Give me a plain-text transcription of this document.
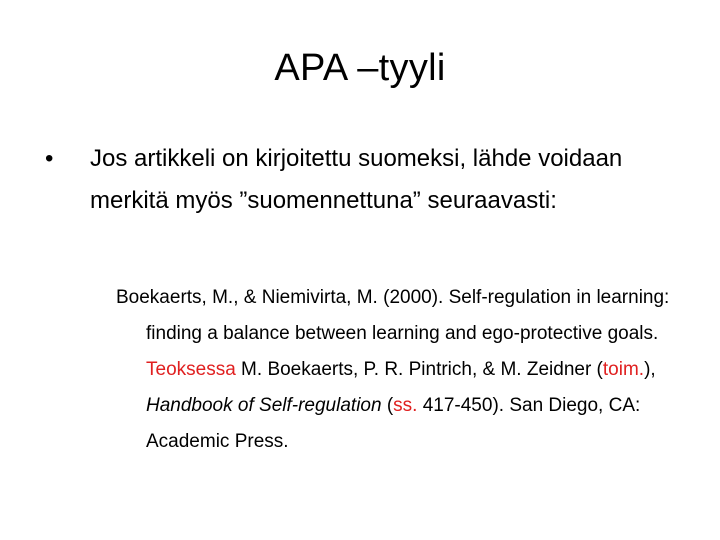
APA –tyyli
• Jos artikkeli on kirjoitettu suomeksi, lähde voidaan merkitä myös ”suomennettuna” seuraavasti:
Boekaerts, M., & Niemivirta, M. (2000). Self-regulation in learning: finding a balance between learning and ego-protective goals. Teoksessa M. Boekaerts, P. R. Pintrich, & M. Zeidner (toim.), Handbook of Self-regulation (ss. 417-450). San Diego, CA: Academic Press.
